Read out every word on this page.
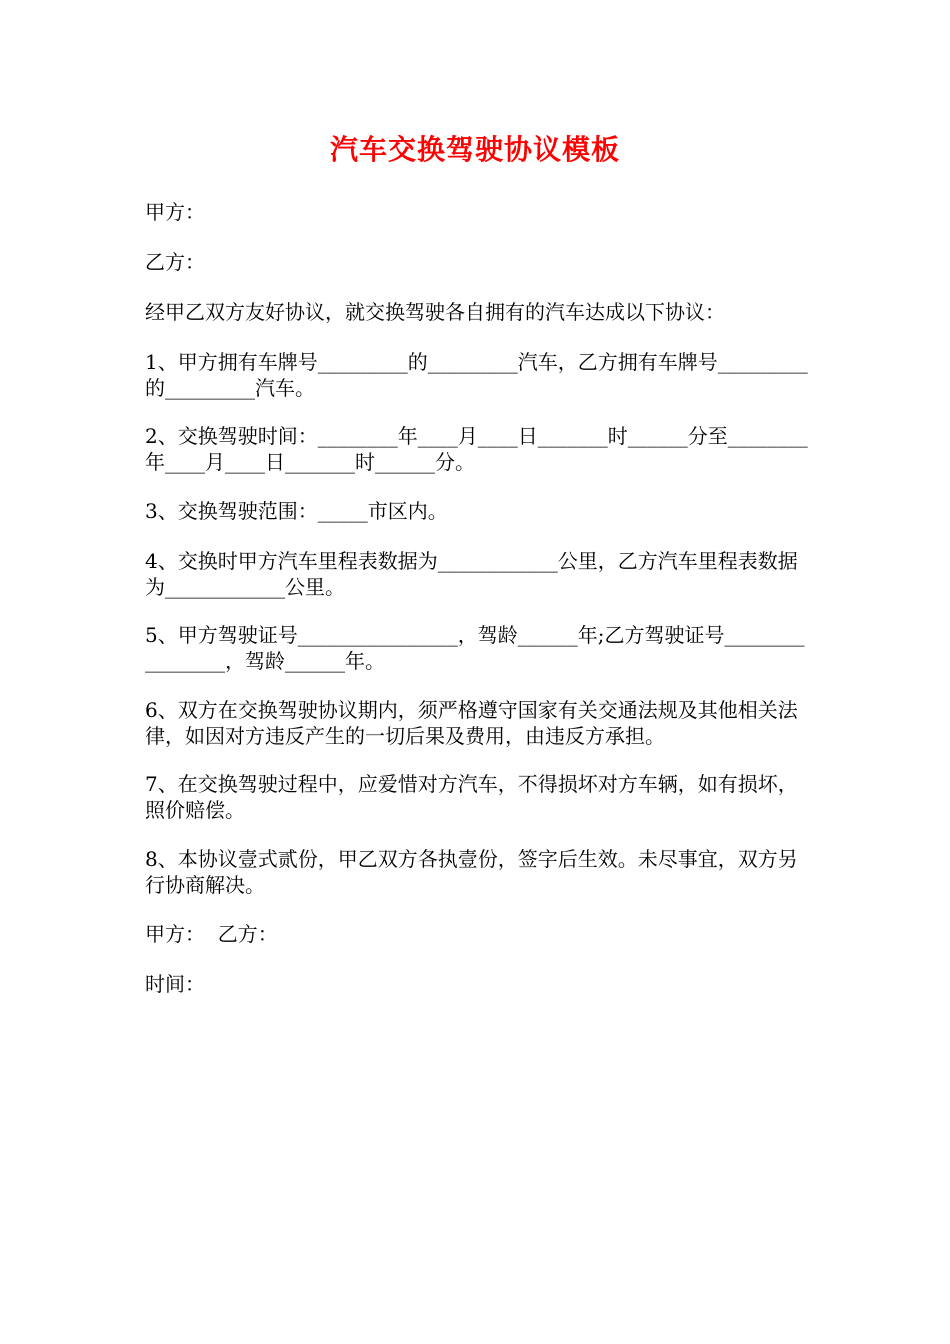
汽车交换驾驶协议模板
甲方：
乙方：
经甲乙双方友好协议，就交换驾驶各自拥有的汽车达成以下协议：
1、甲方拥有车牌号_________的_________汽车，乙方拥有车牌号_________的_________汽车。
2、交换驾驶时间：________年____月____日_______时______分至________年____月____日_______时______分。
3、交换驾驶范围：_____市区内。
4、交换时甲方汽车里程表数据为____________公里，乙方汽车里程表数据为____________公里。
5、甲方驾驶证号________________，驾龄______年;乙方驾驶证号________________，驾龄______年。
6、双方在交换驾驶协议期内，须严格遵守国家有关交通法规及其他相关法律，如因对方违反产生的一切后果及费用，由违反方承担。
7、在交换驾驶过程中，应爱惜对方汽车，不得损坏对方车辆，如有损坏，照价赔偿。
8、本协议壹式贰份，甲乙双方各执壹份，签字后生效。未尽事宜，双方另行协商解决。
甲方：  乙方：
时间：
